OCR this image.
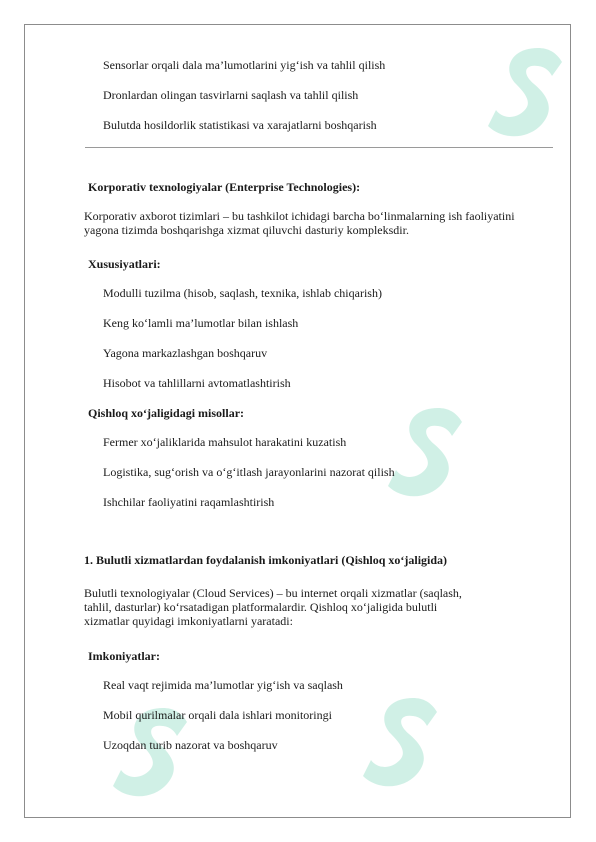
Sensorlar orqali dala ma’lumotlarini yig‘ish va tahlil qilish
Dronlardan olingan tasvirlarni saqlash va tahlil qilish
Bulutda hosildorlik statistikasi va xarajatlarni boshqarish
Korporativ texnologiyalar (Enterprise Technologies):
Korporativ axborot tizimlari – bu tashkilot ichidagi barcha bo‘linmalarning ish faoliyatini yagona tizimda boshqarishga xizmat qiluvchi dasturiy kompleksdir.
Xususiyatlari:
Modulli tuzilma (hisob, saqlash, texnika, ishlab chiqarish)
Keng ko‘lamli ma’lumotlar bilan ishlash
Yagona markazlashgan boshqaruv
Hisobot va tahlillarni avtomatlashtirish
Qishloq xo‘jaligidagi misollar:
Fermer xo‘jaliklarida mahsulot harakatini kuzatish
Logistika, sug‘orish va o‘g‘itlash jarayonlarini nazorat qilish
Ishchilar faoliyatini raqamlashtirish
1. Bulutli xizmatlardan foydalanish imkoniyatlari (Qishloq xo‘jaligida)
Bulutli texnologiyalar (Cloud Services) – bu internet orqali xizmatlar (saqlash,
tahlil, dasturlar) ko‘rsatadigan platformalardir. Qishloq xo‘jaligida bulutli
xizmatlar quyidagi imkoniyatlarni yaratadi:
Imkoniyatlar:
Real vaqt rejimida ma’lumotlar yig‘ish va saqlash
Mobil qurilmalar orqali dala ishlari monitoringi
Uzoqdan turib nazorat va boshqaruv
